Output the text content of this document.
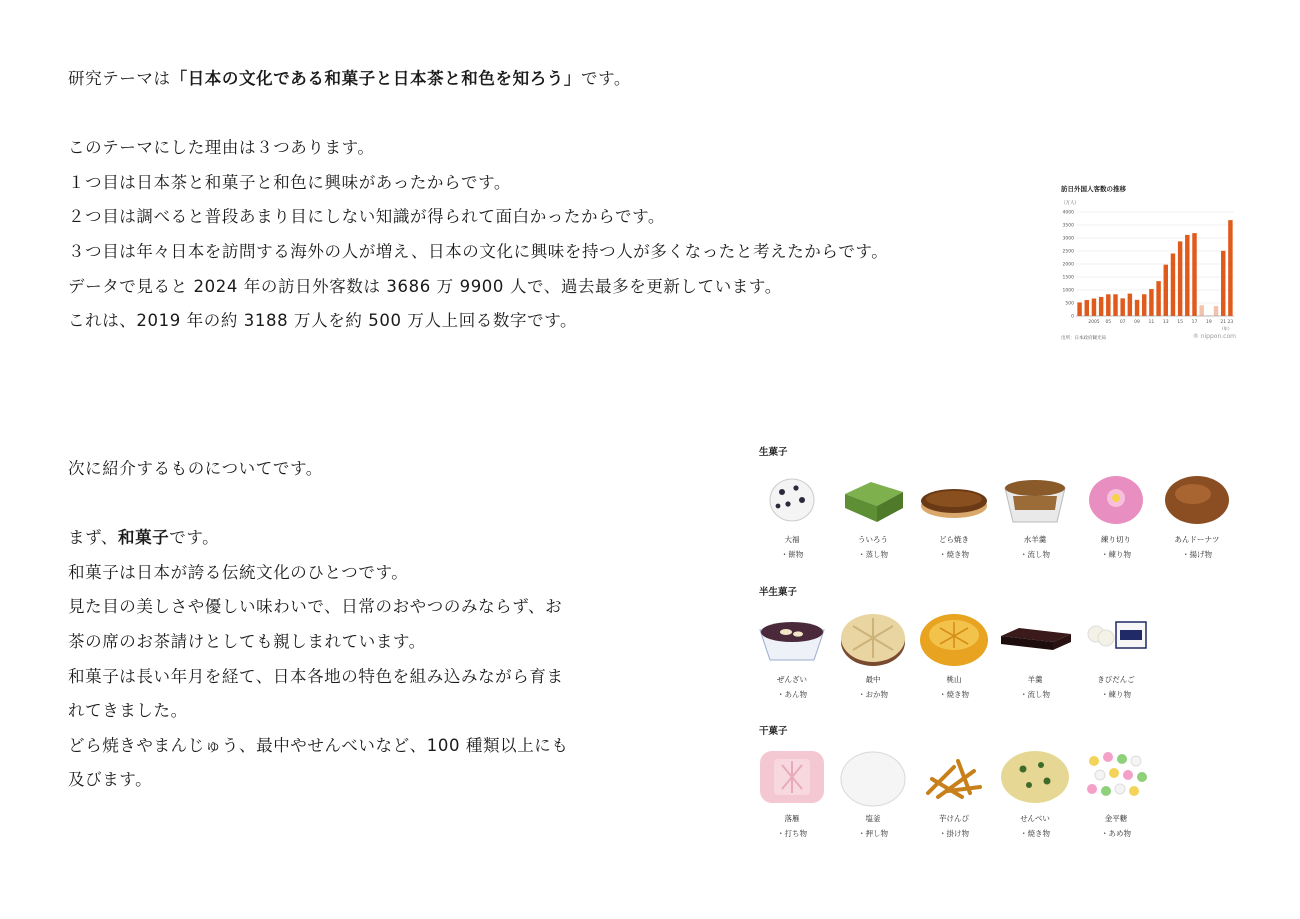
研究テーマは「日本の文化である和菓子と日本茶と和色を知ろう」です。
このテーマにした理由は３つあります。
１つ目は日本茶と和菓子と和色に興味があったからです。
２つ目は調べると普段あまり目にしない知識が得られて面白かったからです。
３つ目は年々日本を訪問する海外の人が増え、日本の文化に興味を持つ人が多くなったと考えたからです。
データで見ると 2024 年の訪日外客数は 3686 万 9900 人で、過去最多を更新しています。
これは、2019 年の約 3188 万人を約 500 万人上回る数字です。
訪日外国人客数の推移
（万人）
0
500
1000
1500
2000
2500
3000
3500
4000
2005 05 07 09 11 13 15 17 19 21 23
（年）
出所：日本政府観光局	® nippon.com
次に紹介するものについてです。
まず、和菓子です。
和菓子は日本が誇る伝統文化のひとつです。
見た目の美しさや優しい味わいで、日常のおやつのみならず、お
茶の席のお茶請けとしても親しまれています。
和菓子は長い年月を経て、日本各地の特色を組み込みながら育ま
れてきました。
どら焼きやまんじゅう、最中やせんべいなど、100 種類以上にも
及びます。
生菓子
大福
・餅物
ういろう
・蒸し物
どら焼き
・焼き物
水羊羹
・流し物
練り切り
・練り物
あんドーナツ
・揚げ物
半生菓子
ぜんざい
・あん物
最中
・おか物
桃山
・焼き物
羊羹
・流し物
きびだんご
・練り物
干菓子
落雁
・打ち物
塩釜
・押し物
芋けんぴ
・掛け物
せんべい
・焼き物
金平糖
・あめ物
